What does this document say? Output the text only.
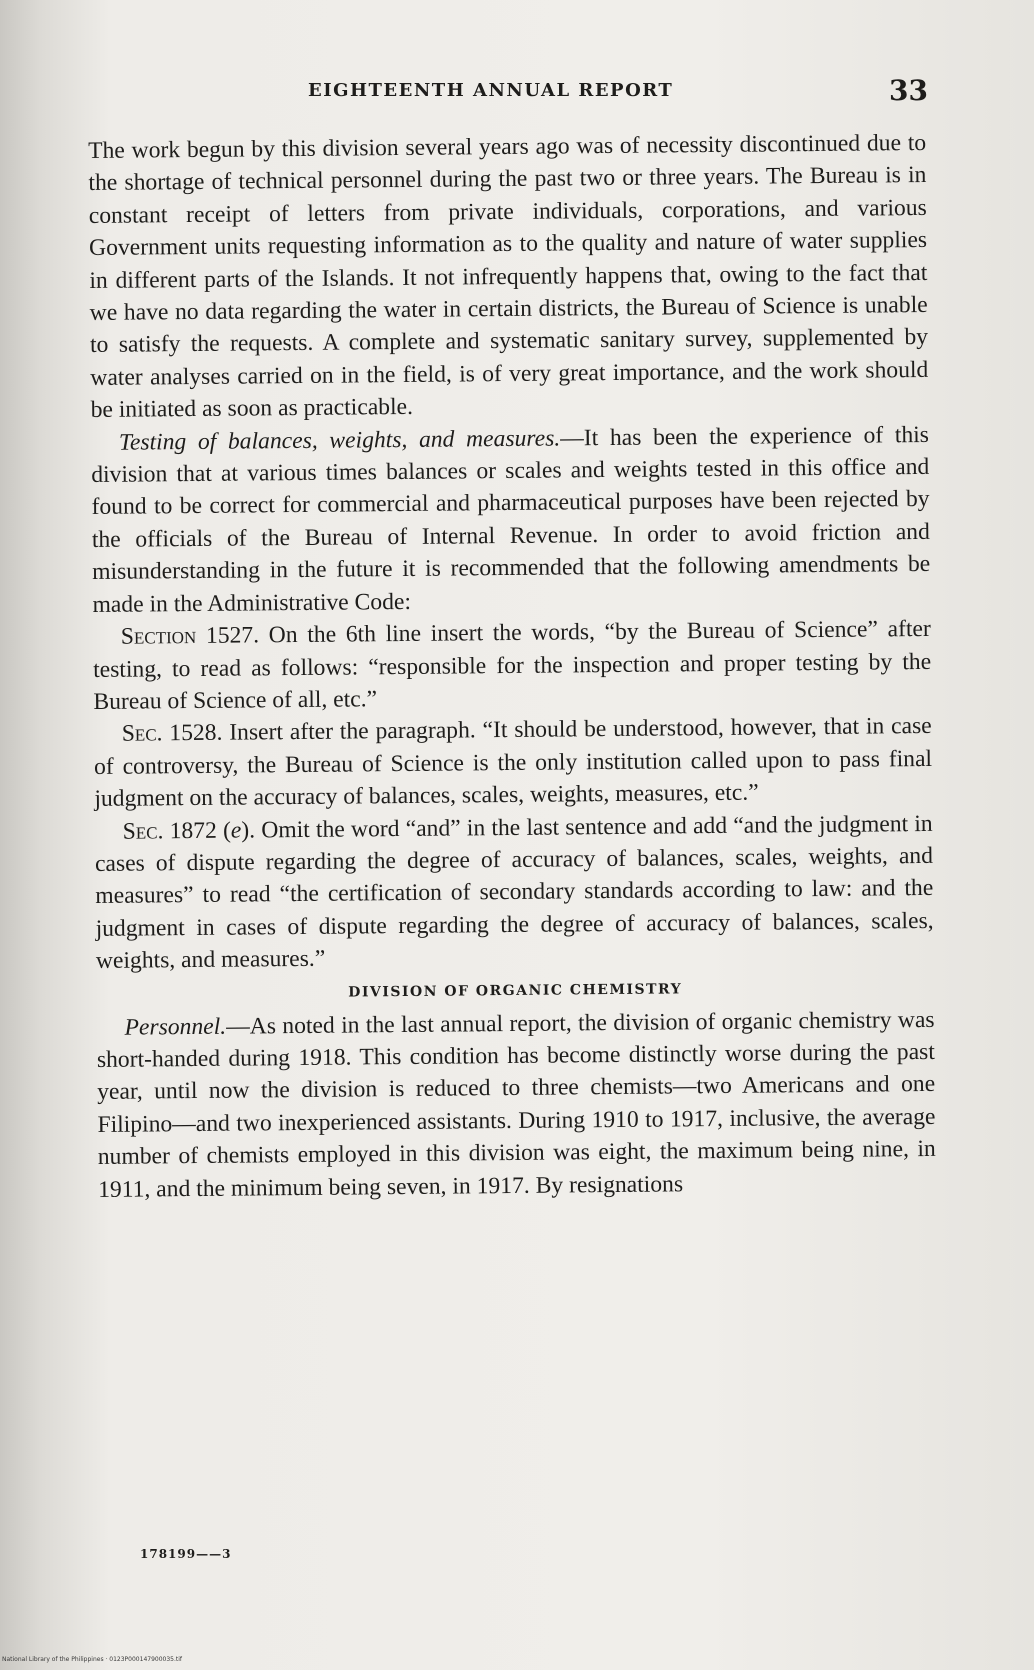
EIGHTEENTH ANNUAL REPORT	33

The work begun by this division several years ago was of necessity discontinued due to the shortage of technical personnel during the past two or three years. The Bureau is in constant receipt of letters from private individuals, corporations, and various Government units requesting information as to the quality and nature of water supplies in different parts of the Islands. It not infrequently happens that, owing to the fact that we have no data regarding the water in certain districts, the Bureau of Science is unable to satisfy the requests. A complete and systematic sanitary survey, supplemented by water analyses carried on in the field, is of very great importance, and the work should be initiated as soon as practicable.

Testing of balances, weights, and measures.—It has been the experience of this division that at various times balances or scales and weights tested in this office and found to be correct for commercial and pharmaceutical purposes have been rejected by the officials of the Bureau of Internal Revenue. In order to avoid friction and misunderstanding in the future it is recommended that the following amendments be made in the Administrative Code:

Section 1527. On the 6th line insert the words, “by the Bureau of Science” after testing, to read as follows: “responsible for the inspection and proper testing by the Bureau of Science of all, etc.”

Sec. 1528. Insert after the paragraph. “It should be understood, however, that in case of controversy, the Bureau of Science is the only institution called upon to pass final judgment on the accuracy of balances, scales, weights, measures, etc.”

Sec. 1872 (e). Omit the word “and” in the last sentence and add “and the judgment in cases of dispute regarding the degree of accuracy of balances, scales, weights, and measures” to read “the certification of secondary standards according to law: and the judgment in cases of dispute regarding the degree of accuracy of balances, scales, weights, and measures.”

DIVISION OF ORGANIC CHEMISTRY

Personnel.—As noted in the last annual report, the division of organic chemistry was short-handed during 1918. This condition has become distinctly worse during the past year, until now the division is reduced to three chemists—two Americans and one Filipino—and two inexperienced assistants. During 1910 to 1917, inclusive, the average number of chemists employed in this division was eight, the maximum being nine, in 1911, and the minimum being seven, in 1917. By resignations

178199——3
National Library of the Philippines · 0123P000147900035.tif
